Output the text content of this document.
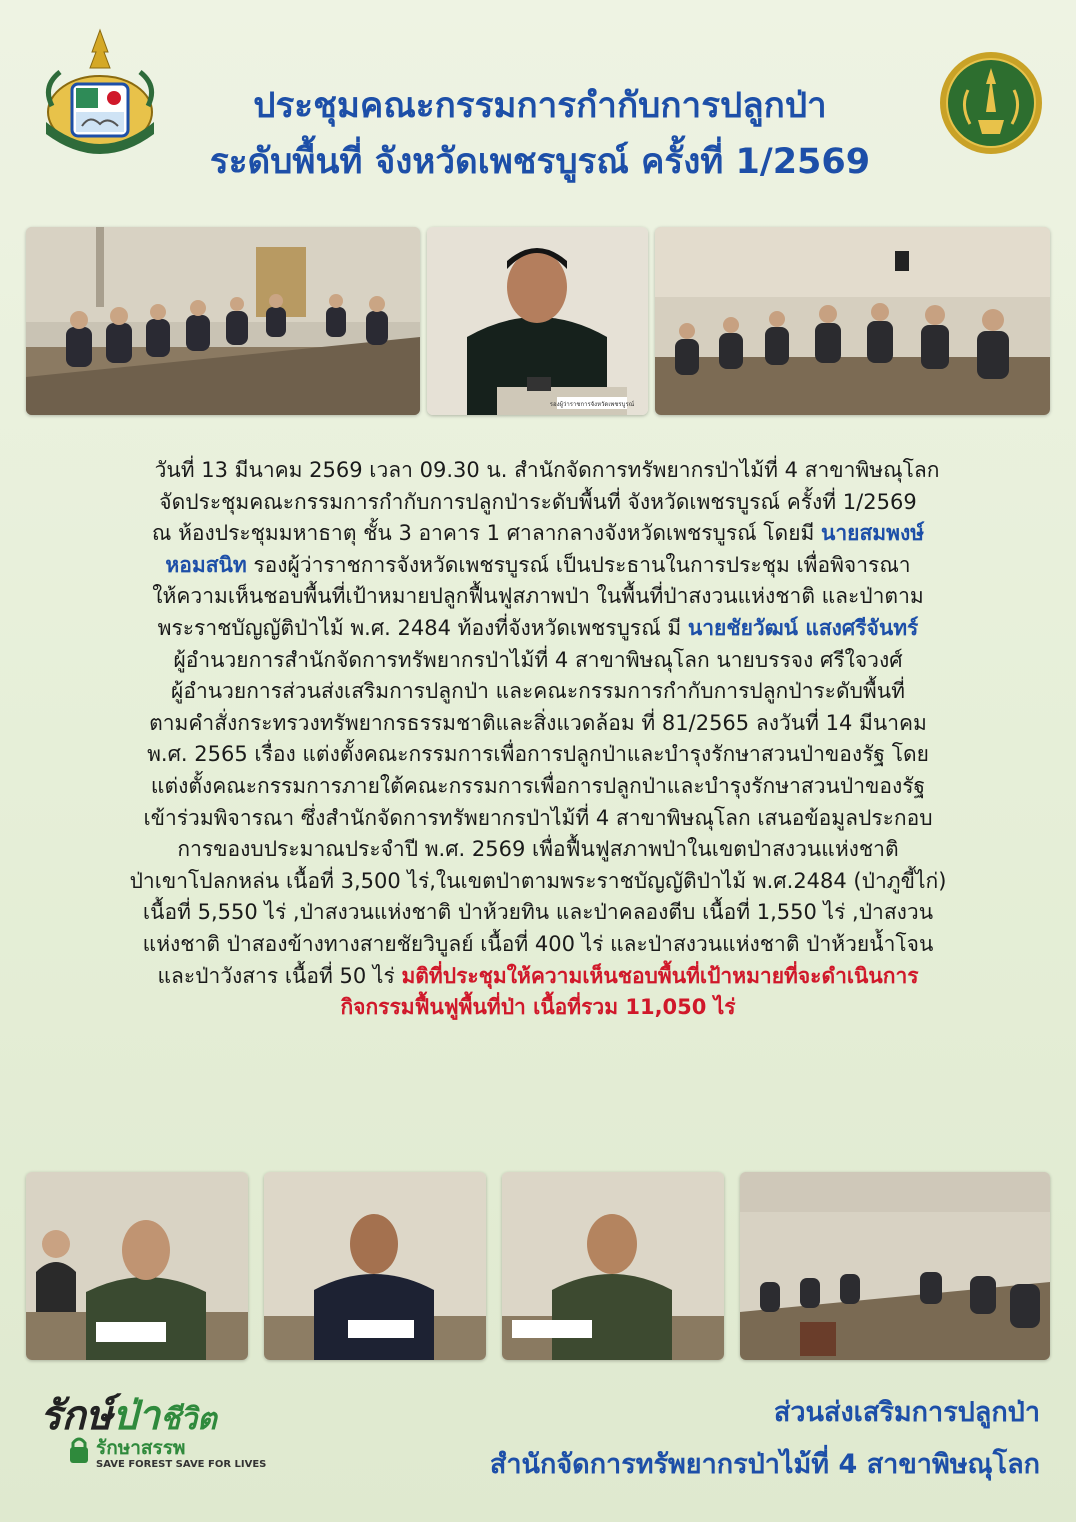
ประชุมคณะกรรมการกำกับการปลูกป่า
ระดับพื้นที่ จังหวัดเพชรบูรณ์ ครั้งที่ 1/2569
รองผู้ว่าราชการจังหวัดเพชรบูรณ์
วันที่ 13 มีนาคม 2569 เวลา 09.30 น. สำนักจัดการทรัพยากรป่าไม้ที่ 4 สาขาพิษณุโลก
จัดประชุมคณะกรรมการกำกับการปลูกป่าระดับพื้นที่ จังหวัดเพชรบูรณ์ ครั้งที่ 1/2569
ณ ห้องประชุมมหาธาตุ ชั้น 3 อาคาร 1 ศาลากลางจังหวัดเพชรบูรณ์ โดยมี นายสมพงษ์
หอมสนิท รองผู้ว่าราชการจังหวัดเพชรบูรณ์ เป็นประธานในการประชุม เพื่อพิจารณา
ให้ความเห็นชอบพื้นที่เป้าหมายปลูกฟื้นฟูสภาพป่า ในพื้นที่ป่าสงวนแห่งชาติ และป่าตาม
พระราชบัญญัติป่าไม้ พ.ศ. 2484 ท้องที่จังหวัดเพชรบูรณ์ มี นายชัยวัฒน์ แสงศรีจันทร์
ผู้อำนวยการสำนักจัดการทรัพยากรป่าไม้ที่ 4 สาขาพิษณุโลก นายบรรจง ศรีใจวงศ์
ผู้อำนวยการส่วนส่งเสริมการปลูกป่า และคณะกรรมการกำกับการปลูกป่าระดับพื้นที่
ตามคำสั่งกระทรวงทรัพยากรธรรมชาติและสิ่งแวดล้อม ที่ 81/2565 ลงวันที่ 14 มีนาคม
พ.ศ. 2565 เรื่อง แต่งตั้งคณะกรรมการเพื่อการปลูกป่าและบำรุงรักษาสวนป่าของรัฐ โดย
แต่งตั้งคณะกรรมการภายใต้คณะกรรมการเพื่อการปลูกป่าและบำรุงรักษาสวนป่าของรัฐ
เข้าร่วมพิจารณา ซึ่งสำนักจัดการทรัพยากรป่าไม้ที่ 4 สาขาพิษณุโลก เสนอข้อมูลประกอบ
การของบประมาณประจำปี พ.ศ. 2569 เพื่อฟื้นฟูสภาพป่าในเขตป่าสงวนแห่งชาติ
ป่าเขาโปลกหล่น เนื้อที่ 3,500 ไร่,ในเขตป่าตามพระราชบัญญัติป่าไม้ พ.ศ.2484 (ป่าภูขี้ไก่)
เนื้อที่ 5,550 ไร่ ,ป่าสงวนแห่งชาติ ป่าห้วยทิน และป่าคลองตีบ เนื้อที่ 1,550 ไร่ ,ป่าสงวน
แห่งชาติ ป่าสองข้างทางสายชัยวิบูลย์ เนื้อที่ 400 ไร่ และป่าสงวนแห่งชาติ ป่าห้วยน้ำโจน
และป่าวังสาร เนื้อที่ 50 ไร่ มติที่ประชุมให้ความเห็นชอบพื้นที่เป้าหมายที่จะดำเนินการ
กิจกรรมฟื้นฟูพื้นที่ป่า เนื้อที่รวม 11,050 ไร่
รักษ์ป่าชีวิต
รักษาสรรพ
SAVE FOREST SAVE FOR LIVES
ส่วนส่งเสริมการปลูกป่า
สำนักจัดการทรัพยากรป่าไม้ที่ 4 สาขาพิษณุโลก
